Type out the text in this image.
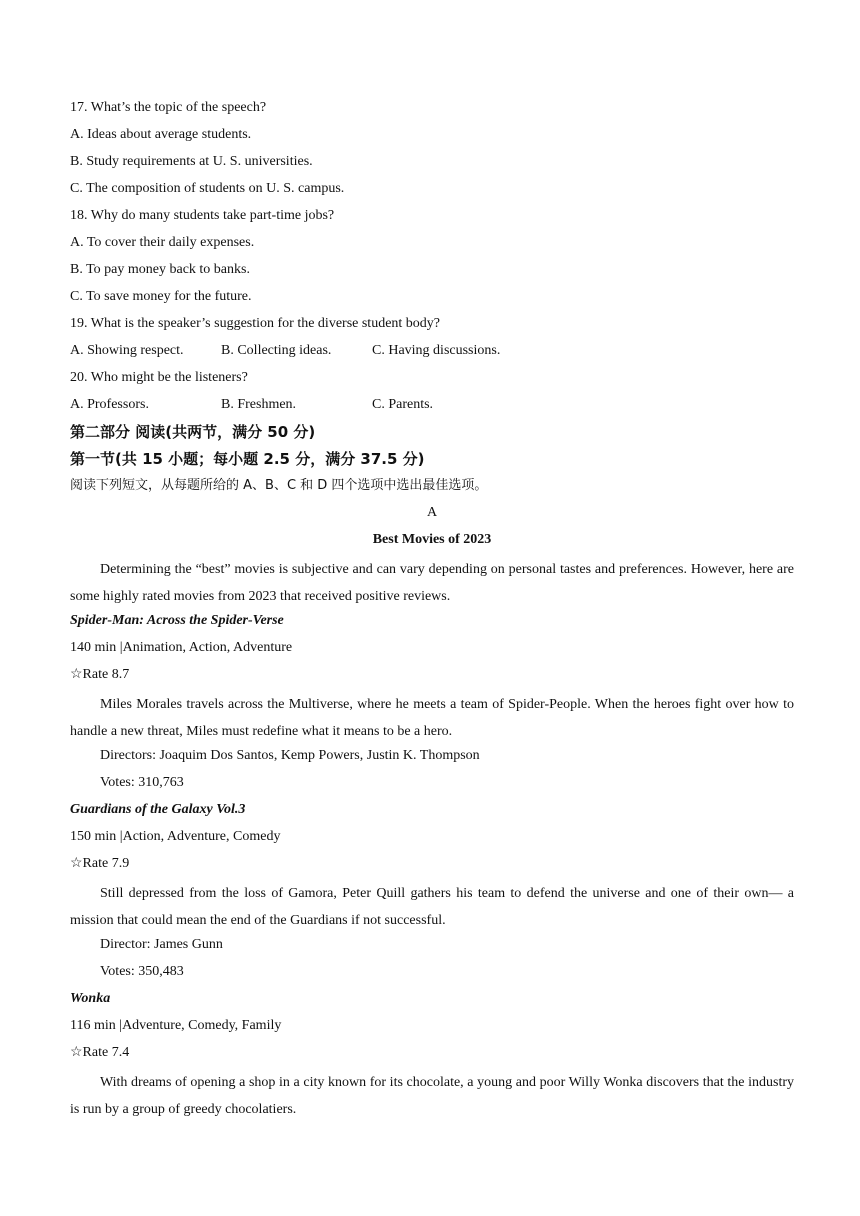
17. What’s the topic of the speech?
A. Ideas about average students.
B. Study requirements at U. S. universities.
C. The composition of students on U. S. campus.
18. Why do many students take part-time jobs?
A. To cover their daily expenses.
B. To pay money back to banks.
C. To save money for the future.
19. What is the speaker’s suggestion for the diverse student body?
A. Showing respect.	B. Collecting ideas.	C. Having discussions.
20. Who might be the listeners?
A. Professors.	B. Freshmen.	C. Parents.
第二部分 阅读(共两节，满分 50 分)
第一节(共 15 小题；每小题 2.5 分，满分 37.5 分)
阅读下列短文，从每题所给的 A、B、C 和 D 四个选项中选出最佳选项。
A
Best Movies of 2023

Determining the “best” movies is subjective and can vary depending on personal tastes and preferences. However, here are some highly rated movies from 2023 that received positive reviews.

Spider-Man: Across the Spider-Verse
140 min |Animation, Action, Adventure
☆Rate 8.7

Miles Morales travels across the Multiverse, where he meets a team of Spider-People. When the heroes fight over how to handle a new threat, Miles must redefine what it means to be a hero.

Directors: Joaquim Dos Santos, Kemp Powers, Justin K. Thompson
Votes: 310,763
Guardians of the Galaxy Vol.3
150 min |Action, Adventure, Comedy
☆Rate 7.9

Still depressed from the loss of Gamora, Peter Quill gathers his team to defend the universe and one of their own— a mission that could mean the end of the Guardians if not successful.

Director: James Gunn
Votes: 350,483
Wonka
116 min |Adventure, Comedy, Family
☆Rate 7.4

With dreams of opening a shop in a city known for its chocolate, a young and poor Willy Wonka discovers that the industry is run by a group of greedy chocolatiers.
